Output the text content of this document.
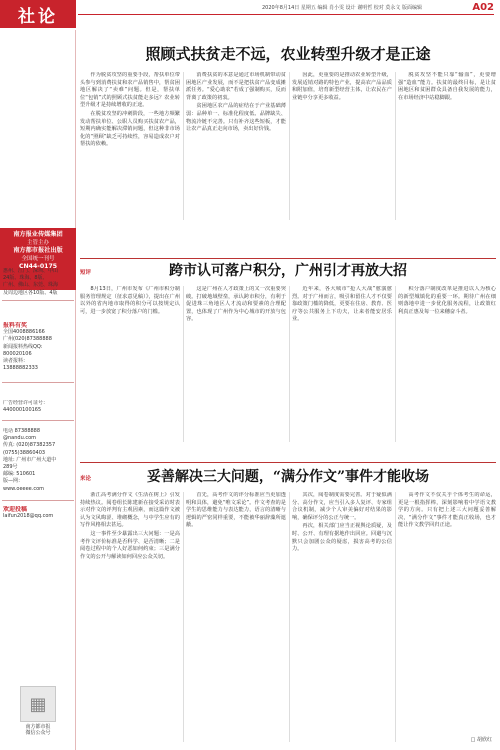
社论	2020年8月14日 星期五 编辑 肖小雯 设计 谢明哲 校对 莫永文 版面编辑	A02
南方报业传媒集团
主管主办
南方都市报社出版
全国统一刊号
CN44-0175
惠州、江门、深圳、中山
24版、珠海、8版、
广州、佛山、东莞、珠海
及周边地区各10版、4版
报料有奖
全国4008886166
广州(020)87388888
新闻报料热线QQ:
800020106
读者报料：
13888882333
广告经营许可证号：
440000100165
电话 87388888
@nandu.com
传真: (020)87382357
(0755)38860403
地址: 广州市广州大道中
289号
邮编: 510601
版—网：
www.oeeee.com
欢迎投稿
laifun2018@qq.com
▦
南方都市报
微信公众号
照顾式扶贫走不远，农业转型升级才是正途

作为脱贫攻坚的重要手段，帮扶单位带头参与到消费扶贫和农产品销售中，帮贫困地区解决了“卖难”问题。但是，帮扶单位“包销”式的照顾式扶贫能走多远？农业转型升级才是持续增收的正途。

在脱贫攻坚的冲刺阶段，一些地方频繁发动帮扶单位、公职人员购买扶贫农产品，短期内确实能解决滞销问题，但这种非市场化的“照顾”缺乏可持续性，容易造成农户对帮扶的依赖。

消费扶贫的本意是通过市场机制带动贫困地区产业发展，而不是把扶贫产品变成摊派任务。“爱心助农”若成了强制购买，反而背离了政策的初衷。

贫困地区农产品的症结在于产业基础薄弱：品种单一、标准化程度低、品牌缺失、物流冷链不完善。只有补齐这些短板，才能让农产品真正走向市场，卖出好价钱。

因此，更重要的是推动农业转型升级，发展适销对路的特色产业，提高农产品品质和附加值，培育新型经营主体，让农民在产业链中分享更多收益。

脱贫攻坚不能只靠“输血”，更要增强“造血”能力。扶贫的最终目标，是让贫困地区和贫困群众具备自我发展的能力，在市场经济中站稳脚跟。

短评	跨市认可落户积分，广州引才再放大招

8月13日，广州市发布《广州市积分制服务管理规定（征求意见稿）》，提出在广州以外的省内地市取得的积分可以按规定认可，进一步放宽了积分落户的门槛。

这是广州在人才政策上的又一次重要突破。打破地域壁垒，承认跨市积分，有利于促进珠三角地区人才流动和要素的合理配置，也体现了广州作为中心城市的开放与包容。

近年来，各大城市“抢人大战”愈演愈烈。对于广州而言，吸引和留住人才不仅要靠政策门槛的降低，更要在住房、教育、医疗等公共服务上下功夫，让来者能安居乐业。

积分落户制度改革是推进以人为核心的新型城镇化的重要一环。期待广州在细则落地中进一步优化服务流程，让政策红利真正惠及每一位来穗奋斗者。

来论	妥善解决三大问题，“满分作文”事件才能收场

浙江高考满分作文《生活在树上》引发持续热议。阅卷组长陈建新在接受采访时表示对作文的评判有主观因素，而这篇作文被认为文风晦涩、堆砌概念，与中学生应有的写作风格相去甚远。

这一事件至少暴露出三大问题：一是高考作文评价标准是否科学、是否清晰；二是阅卷过程中的个人好恶如何约束；三是满分作文的公开与解读如何回应公众关切。

首先，高考作文的评分标准应当更加透明和具体，避免“唯文采论”。作文考查的是学生的思维能力与表达能力，语言的清晰与逻辑的严密同样重要，不能被华丽辞藻所遮蔽。

其次，阅卷制度需要完善。对于疑似满分、高分作文，应当引入多人复评、专家组合议机制，减少个人审美偏好对结果的影响，确保评分的公正与统一。

再次，相关部门应当正视舆论质疑，及时、公开、有理有据地作出回应。回避与沉默只会加剧公众的疑虑，损害高考的公信力。

高考作文不仅关乎个体考生的命运，更是一根指挥棒，深刻影响着中学语文教学的方向。只有把上述三大问题妥善解决，“满分作文”事件才能真正收场，也才能让作文教学回归正途。

□ 胡欣红
